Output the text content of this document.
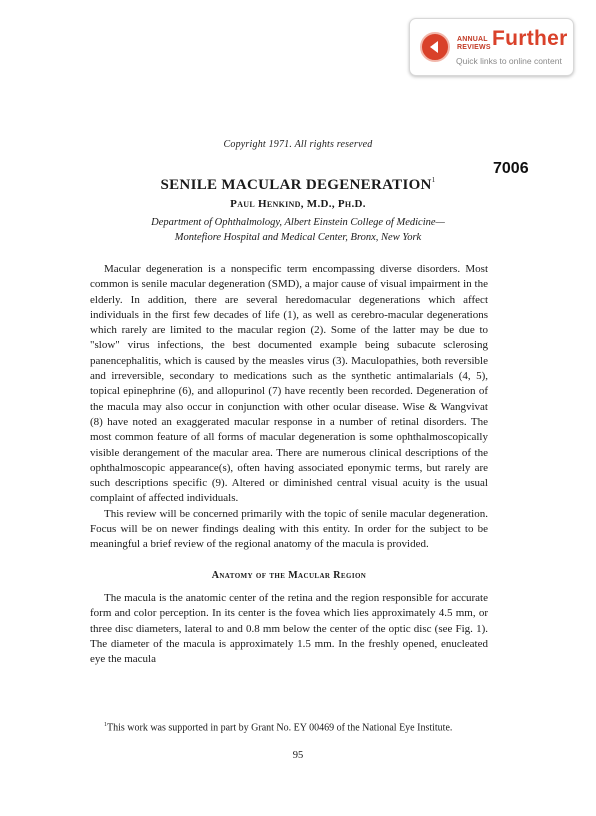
ANNUAL
REVIEWS Further
Quick links to online content
Copyright 1971. All rights reserved
7006
SENILE MACULAR DEGENERATION$^1$
Paul Henkind, M.D., Ph.D.
Department of Ophthalmology, Albert Einstein College of Medicine—
Montefiore Hospital and Medical Center, Bronx, New York

Macular degeneration is a nonspecific term encompassing diverse disorders. Most common is senile macular degeneration (SMD), a major cause of visual impairment in the elderly. In addition, there are several heredomacular degenerations which affect individuals in the first few decades of life (1), as well as cerebro-macular degenerations which rarely are limited to the macular region (2). Some of the latter may be due to "slow" virus infections, the best documented example being subacute sclerosing panencephalitis, which is caused by the measles virus (3). Maculopathies, both reversible and irreversible, secondary to medications such as the synthetic antimalarials (4, 5), topical epinephrine (6), and allopurinol (7) have recently been recorded. Degeneration of the macula may also occur in conjunction with other ocular disease. Wise & Wangvivat (8) have noted an exaggerated macular response in a number of retinal disorders. The most common feature of all forms of macular degeneration is some ophthalmoscopically visible derangement of the macular area. There are numerous clinical descriptions of the ophthalmoscopic appearance(s), often having associated eponymic terms, but rarely are such descriptions specific (9). Altered or diminished central visual acuity is the usual complaint of affected individuals.

This review will be concerned primarily with the topic of senile macular degeneration. Focus will be on newer findings dealing with this entity. In order for the subject to be meaningful a brief review of the regional anatomy of the macula is provided.

Anatomy of the Macular Region

The macula is the anatomic center of the retina and the region responsible for accurate form and color perception. In its center is the fovea which lies approximately 4.5 mm, or three disc diameters, lateral to and 0.8 mm below the center of the optic disc (see Fig. 1). The diameter of the macula is approximately 1.5 mm. In the freshly opened, enucleated eye the macula

$^1$This work was supported in part by Grant No. EY 00469 of the National Eye Institute.
95
